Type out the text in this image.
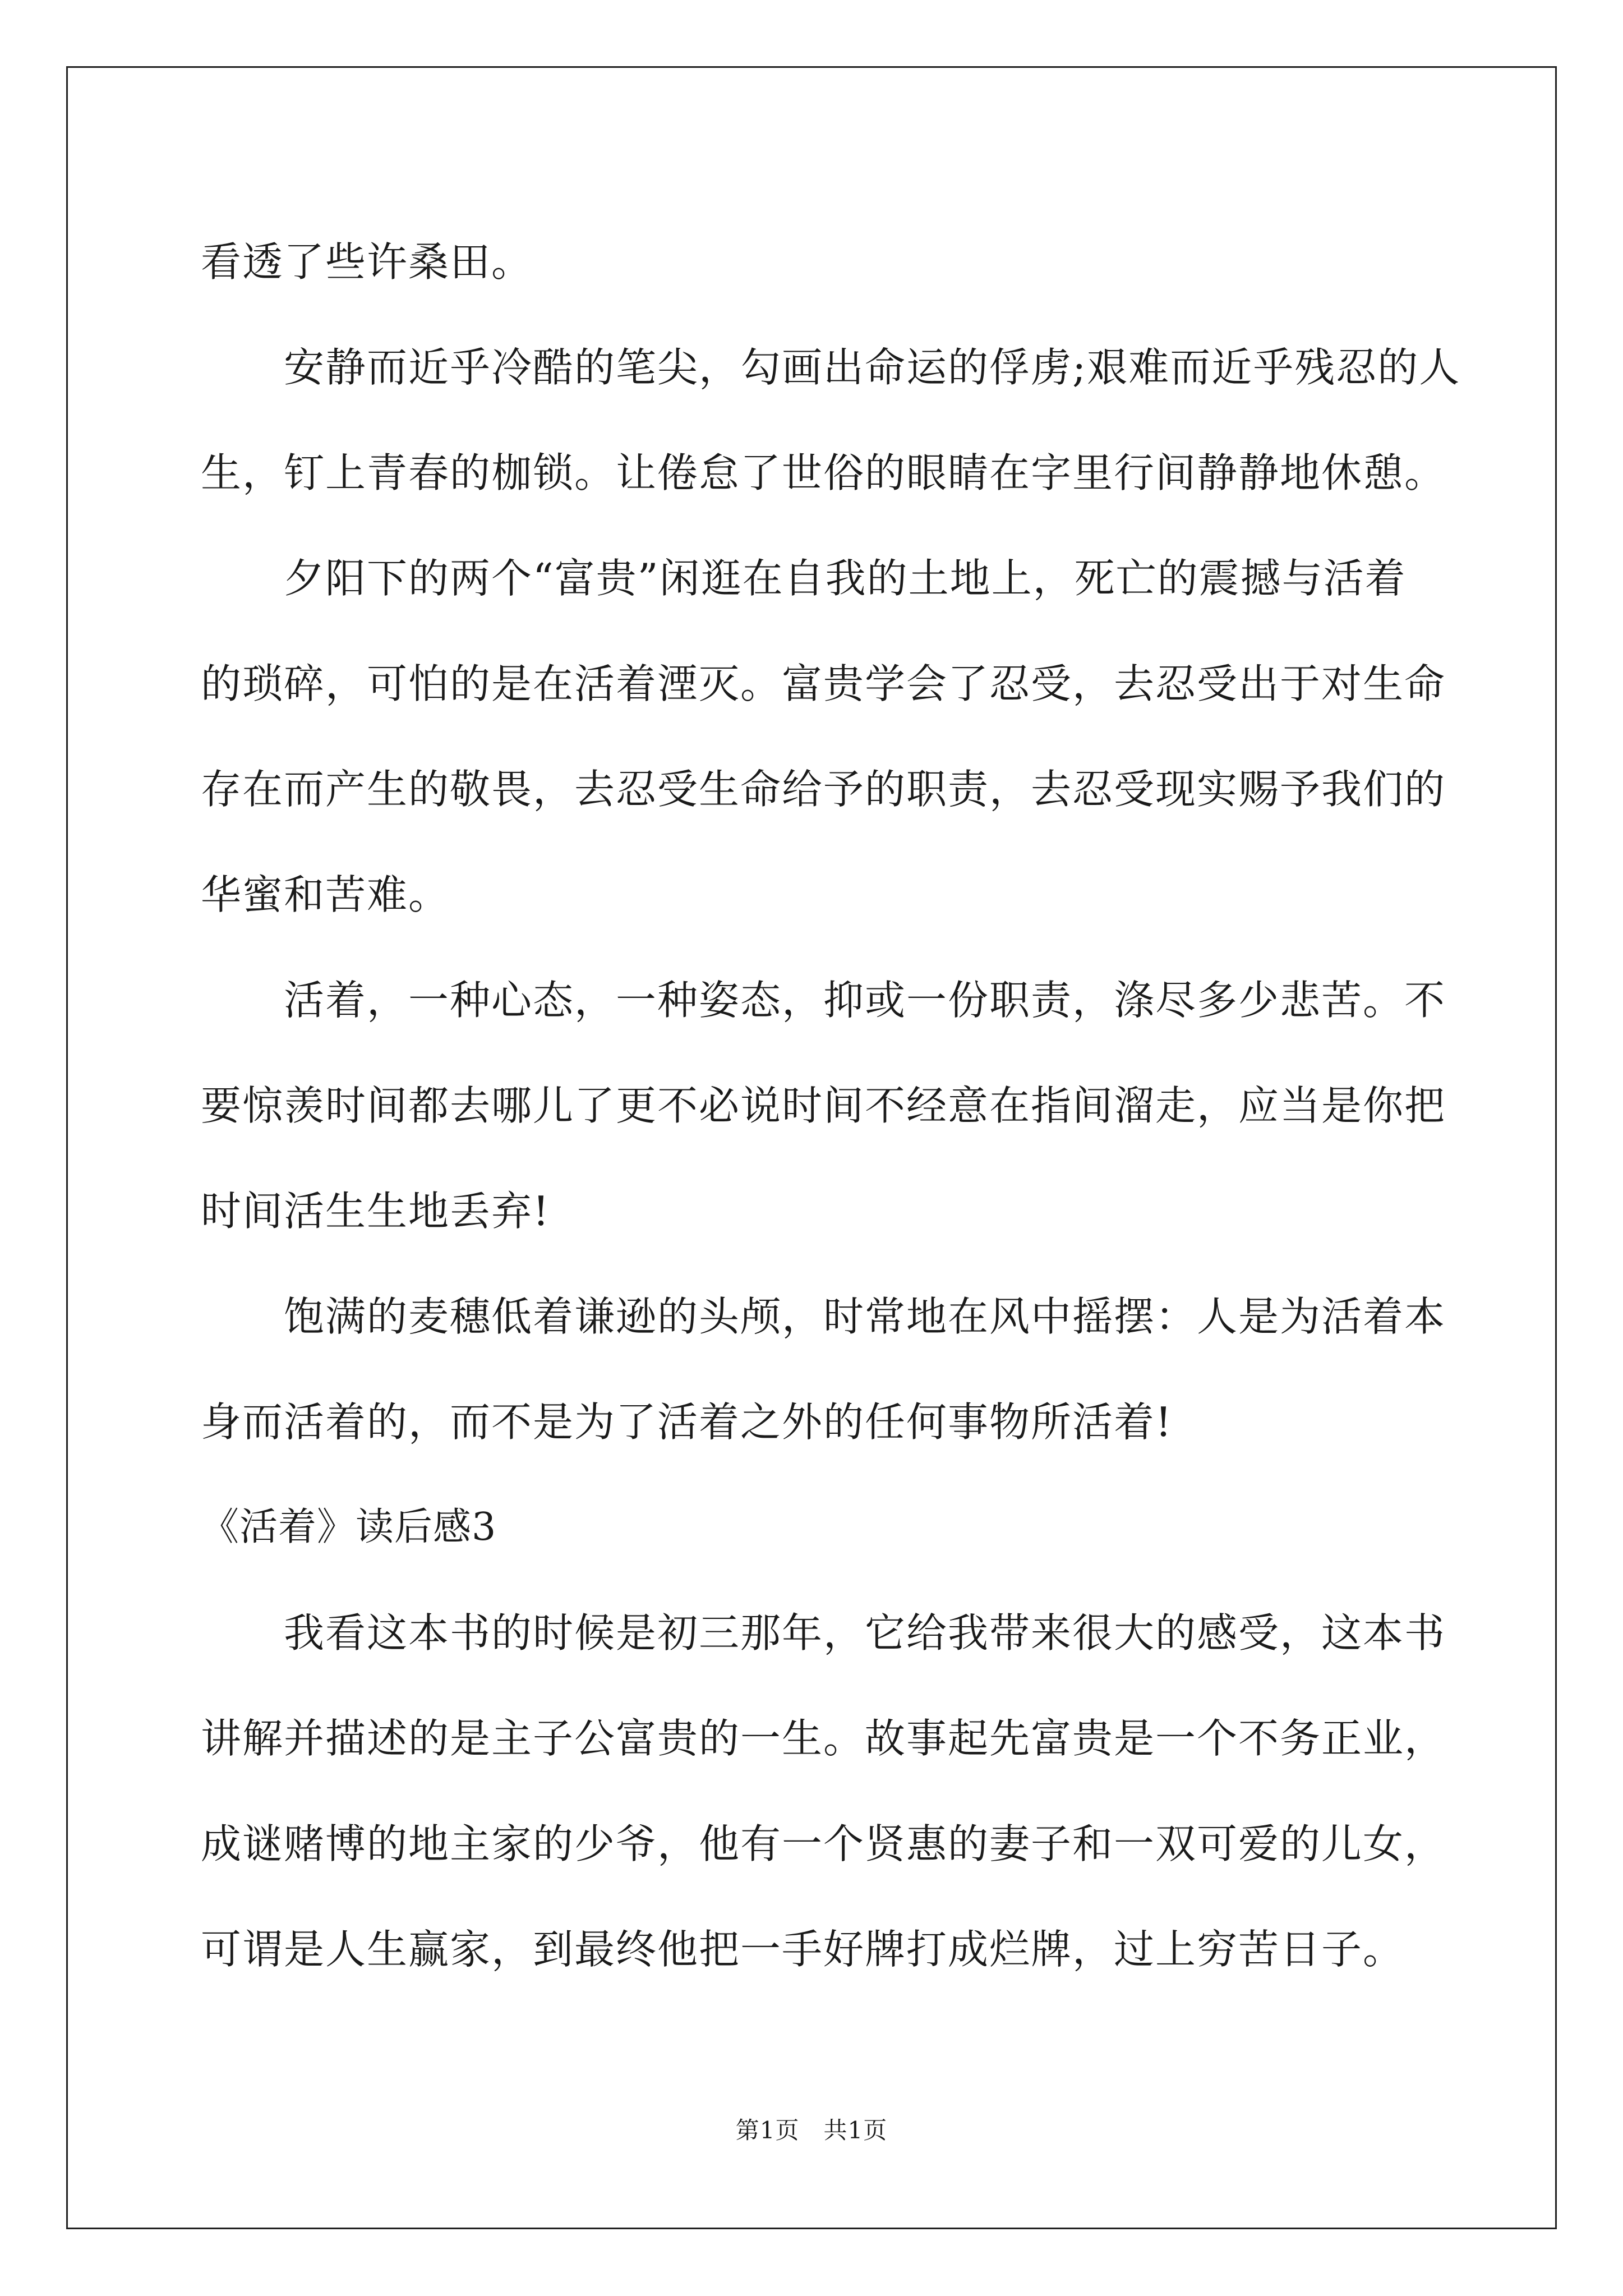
看透了些许桑田。
安静而近乎冷酷的笔尖，勾画出命运的俘虏;艰难而近乎残忍的人
生，钉上青春的枷锁。让倦怠了世俗的眼睛在字里行间静静地休憩。
夕阳下的两个“富贵”闲逛在自我的土地上，死亡的震撼与活着
的琐碎，可怕的是在活着湮灭。富贵学会了忍受，去忍受出于对生命
存在而产生的敬畏，去忍受生命给予的职责，去忍受现实赐予我们的
华蜜和苦难。
活着，一种心态，一种姿态，抑或一份职责，涤尽多少悲苦。不
要惊羡时间都去哪儿了更不必说时间不经意在指间溜走，应当是你把
时间活生生地丢弃!
饱满的麦穗低着谦逊的头颅，时常地在风中摇摆：人是为活着本
身而活着的，而不是为了活着之外的任何事物所活着!
《活着》读后感3
我看这本书的时候是初三那年，它给我带来很大的感受，这本书
讲解并描述的是主子公富贵的一生。故事起先富贵是一个不务正业，
成谜赌博的地主家的少爷，他有一个贤惠的妻子和一双可爱的儿女，
可谓是人生赢家，到最终他把一手好牌打成烂牌，过上穷苦日子。
第1页　共1页
